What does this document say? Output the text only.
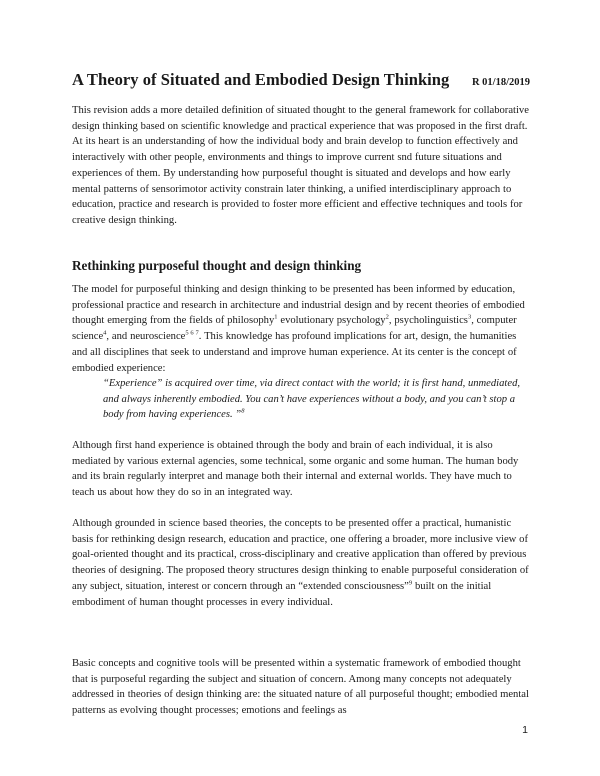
A Theory of Situated and Embodied Design Thinking R 01/18/2019

This revision adds a more detailed definition of situated thought to the general framework for collaborative design thinking based on scientific knowledge and practical experience that was proposed in the first draft. At its heart is an understanding of how the individual body and brain develop to function effectively and interactively with other people, environments and things to improve current snd future situations and experiences of them. By understanding how purposeful thought is situated and develops and how early mental patterns of sensorimotor activity constrain later thinking, a unified interdisciplinary approach to education, practice and research is provided to foster more efficient and effective techniques and tools for creative design thinking.

Rethinking purposeful thought and design thinking

The model for purposeful thinking and design thinking to be presented has been informed by education, professional practice and research in architecture and industrial design and by recent theories of embodied thought emerging from the fields of philosophy$^1$ evolutionary psychology$^2$, psycholinguistics$^3$, computer science$^4$, and neuroscience$^{5 6 7}$. This knowledge has profound implications for art, design, the humanities and all disciplines that seek to understand and improve human experience. At its center is the concept of embodied experience:

“Experience” is acquired over time, via direct contact with the world; it is first hand, unmediated, and always inherently embodied. You can’t have experiences without a body, and you can’t stop a body from having experiences. ”$^8$

Although first hand experience is obtained through the body and brain of each individual, it is also mediated by various external agencies, some technical, some organic and some human. The human body and its brain regularly interpret and manage both their internal and external worlds. They have much to teach us about how they do so in an integrated way.

Although grounded in science based theories, the concepts to be presented offer a practical, humanistic basis for rethinking design research, education and practice, one offering a broader, more inclusive view of goal-oriented thought and its practical, cross-disciplinary and creative application than offered by previous theories of designing. The proposed theory structures design thinking to enable purposeful consideration of any subject, situation, interest or concern through an “extended consciousness”$^9$ built on the initial embodiment of human thought processes in every individual.

Basic concepts and cognitive tools will be presented within a systematic framework of embodied thought that is purposeful regarding the subject and situation of concern. Among many concepts not adequately addressed in theories of design thinking are: the situated nature of all purposeful thought; embodied mental patterns as evolving thought processes; emotions and feelings as

1
